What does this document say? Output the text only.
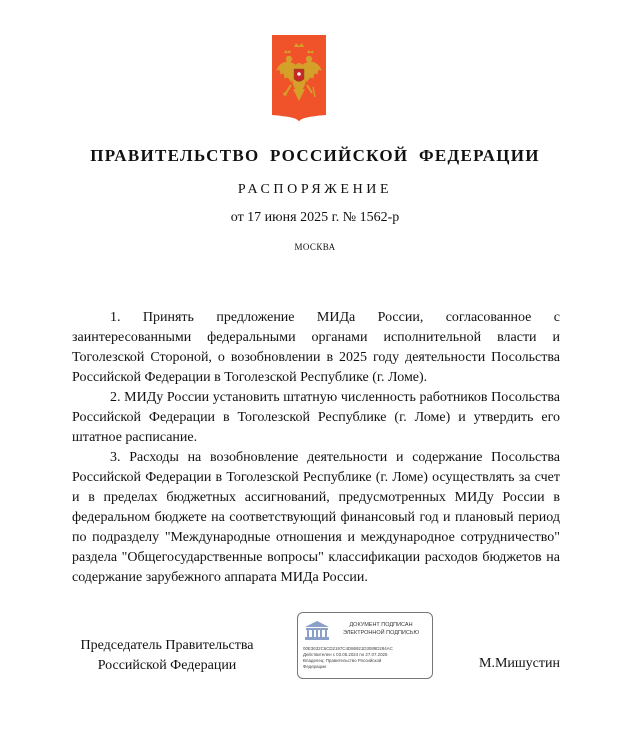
ПРАВИТЕЛЬСТВО РОССИЙСКОЙ ФЕДЕРАЦИИ
РАСПОРЯЖЕНИЕ
от 17 июня 2025 г. № 1562-р
МОСКВА

1. Принять предложение МИДа России, согласованное с заинтересованными федеральными органами исполнительной власти и Тоголезской Стороной, о возобновлении в 2025 году деятельности Посольства Российской Федерации в Тоголезской Республике (г. Ломе).

2. МИДу России установить штатную численность работников Посольства Российской Федерации в Тоголезской Республике (г. Ломе) и утвердить его штатное расписание.

3. Расходы на возобновление деятельности и содержание Посольства Российской Федерации в Тоголезской Республике (г. Ломе) осуществлять за счет и в пределах бюджетных ассигнований, предусмотренных МИДу России в федеральном бюджете на соответствующий финансовый год и плановый период по подразделу "Международные отношения и международное сотрудничество" раздела "Общегосударственные вопросы" классификации расходов бюджетов на содержание зарубежного аппарата МИДа России.

Председатель Правительства
Российской Федерации
ДОКУМЕНТ ПОДПИСАН
ЭЛЕКТРОННОЙ ПОДПИСЬЮ
00E3632C6CD2197C4D86921D3089D284AC
Действителен с 03.05.2024 по 27.07.2025
Владелец: Правительство Российской
Федерации	М.Мишустин
